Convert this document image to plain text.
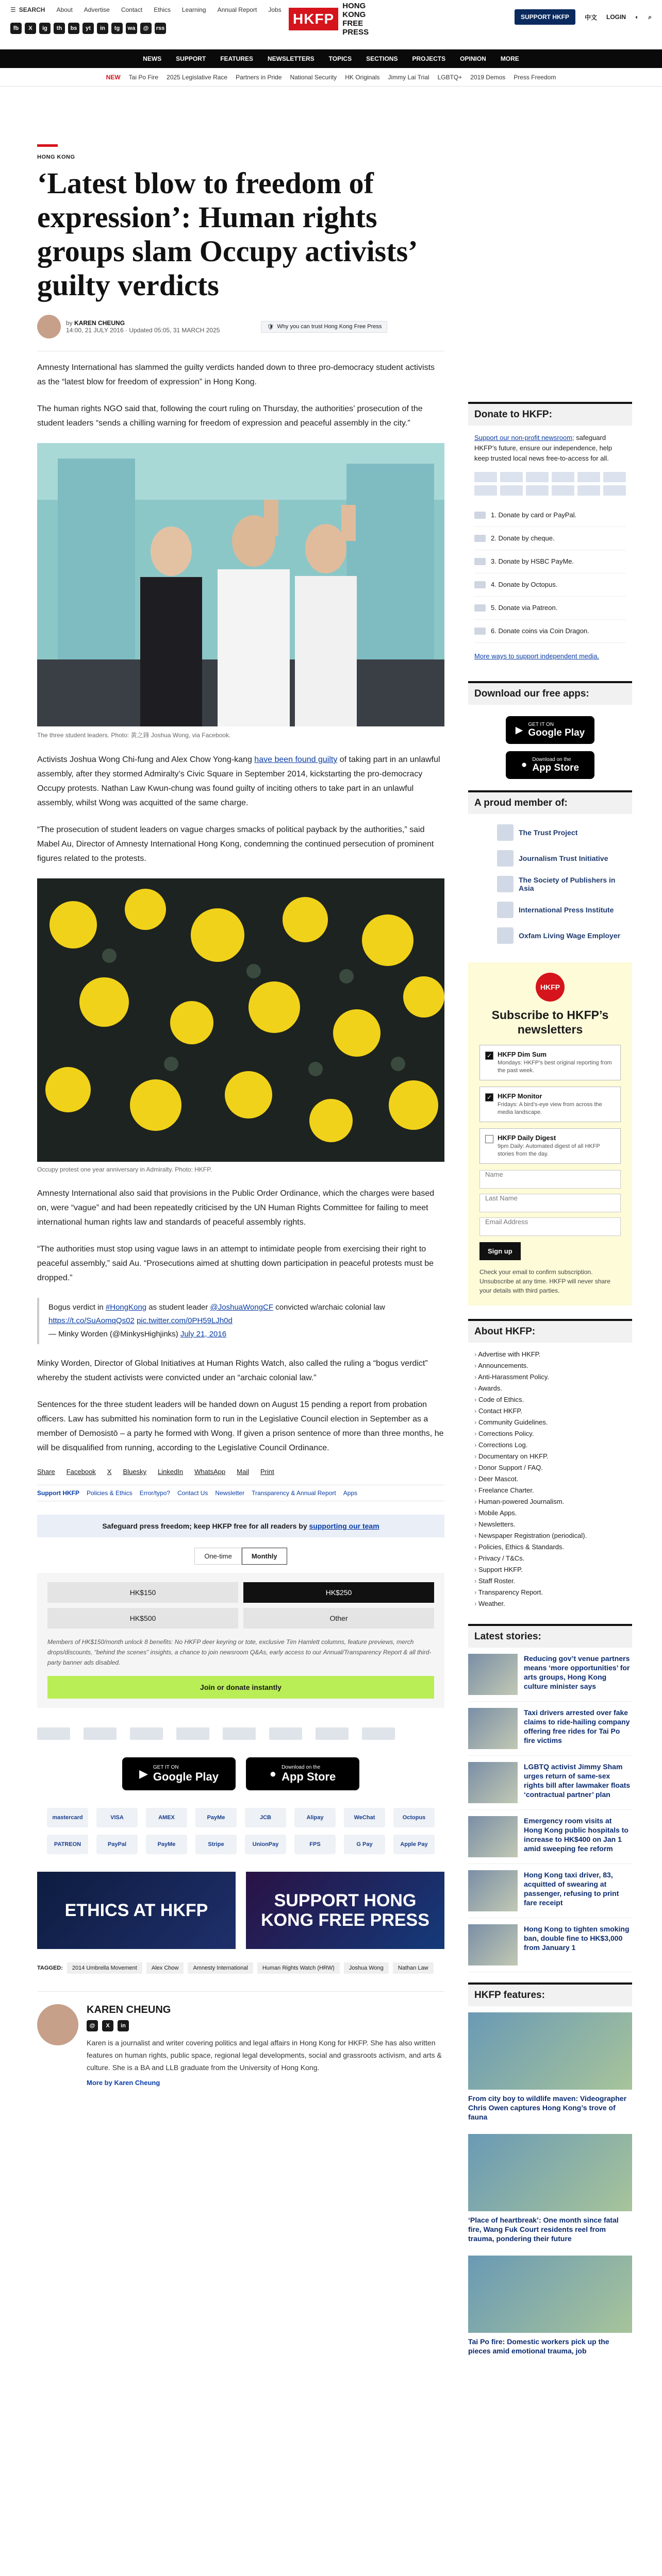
☰ SEARCH About Advertise Contact Ethics Learning Annual Report Jobs
fb	X	ig	th	bs	yt	in	tg	wa	@	rss
HKFP
HONG KONG
FREE PRESS
SUPPORT HKFP	中文 LOGIN ◐ ⌕
NEWS SUPPORT FEATURES NEWSLETTERS TOPICS SECTIONS PROJECTS OPINION MORE
NEW Tai Po Fire 2025 Legislative Race Partners in Pride National Security HK Originals Jimmy Lai Trial LGBTQ+ 2019 Demos Press Freedom
HONG KONG
‘Latest blow to freedom of expression’: Human rights groups slam Occupy activists’ guilty verdicts
by KAREN CHEUNG
14:00, 21 JULY 2016 · Updated 05:05, 31 MARCH 2025	🛡 Why you can trust Hong Kong Free Press

Amnesty International has slammed the guilty verdicts handed down to three pro-democracy student activists as the “latest blow for freedom of expression” in Hong Kong.

The human rights NGO said that, following the court ruling on Thursday, the authorities’ prosecution of the student leaders “sends a chilling warning for freedom of expression and peaceful assembly in the city.”

The three student leaders. Photo: 黃之鋒 Joshua Wong, via Facebook.

Activists Joshua Wong Chi-fung and Alex Chow Yong-kang have been found guilty of taking part in an unlawful assembly, after they stormed Admiralty’s Civic Square in September 2014, kickstarting the pro-democracy Occupy protests. Nathan Law Kwun-chung was found guilty of inciting others to take part in an unlawful assembly, whilst Wong was acquitted of the same charge.

“The prosecution of student leaders on vague charges smacks of political payback by the authorities,” said Mabel Au, Director of Amnesty International Hong Kong, condemning the continued persecution of prominent figures related to the protests.

Occupy protest one year anniversary in Admiralty. Photo: HKFP.

Amnesty International also said that provisions in the Public Order Ordinance, which the charges were based on, were “vague” and had been repeatedly criticised by the UN Human Rights Committee for failing to meet international human rights law and standards of peaceful assembly rights.

“The authorities must stop using vague laws in an attempt to intimidate people from exercising their right to peaceful assembly,” said Au. “Prosecutions aimed at shutting down participation in peaceful protests must be dropped.”

Bogus verdict in #HongKong as student leader @JoshuaWongCF convicted w/archaic colonial law https://t.co/SuAomqQs02 pic.twitter.com/0PH59LJh0d
— Minky Worden (@MinkysHighjinks) July 21, 2016

Minky Worden, Director of Global Initiatives at Human Rights Watch, also called the ruling a “bogus verdict” whereby the student activists were convicted under an “archaic colonial law.”

Sentences for the three student leaders will be handed down on August 15 pending a report from probation officers. Law has submitted his nomination form to run in the Legislative Council election in September as a member of Demosistō – a party he formed with Wong. If given a prison sentence of more than three months, he will be disqualified from running, according to the Legislative Council Ordinance.

Share Facebook X Bluesky LinkedIn WhatsApp Mail Print
Support HKFP Policies & Ethics Error/typo? Contact Us Newsletter Transparency & Annual Report Apps
Safeguard press freedom; keep HKFP free for all readers by supporting our team
One-time	Monthly
HK$150	HK$250
HK$500	Other
Members of HK$150/month unlock 8 benefits: No HKFP deer keyring or tote, exclusive Tim Hamlett columns, feature previews, merch drops/discounts, “behind the scenes” insights, a chance to join newsroom Q&As, early access to our Annual/Transparency Report & all third-party banner ads disabled.
Join or donate instantly
▶ GET IT ON
Google Play	● Download on the
App Store
mastercard	VISA	AMEX	PayMe	JCB	Alipay	WeChat	Octopus
PATREON	PayPal	PayMe	Stripe	UnionPay	FPS	G Pay	Apple Pay
ETHICS AT HKFP	SUPPORT HONG KONG FREE PRESS
TAGGED:	2014 Umbrella Movement	Alex Chow	Amnesty International	Human Rights Watch (HRW)	Joshua Wong	Nathan Law
KAREN CHEUNG
@	X	in
Karen is a journalist and writer covering politics and legal affairs in Hong Kong for HKFP. She has also written features on human rights, public space, regional legal developments, social and grassroots activism, and arts & culture. She is a BA and LLB graduate from the University of Hong Kong.
More by Karen Cheung
Donate to HKFP:
Support our non-profit newsroom; safeguard HKFP’s future, ensure our independence, help keep trusted local news free-to-access for all.
1. Donate by card or PayPal.
2. Donate by cheque.
3. Donate by HSBC PayMe.
4. Donate by Octopus.
5. Donate via Patreon.
6. Donate coins via Coin Dragon.
More ways to support independent media.
Download our free apps:
▶
GET IT ON
Google Play
● Download on the
App Store
A proud member of:
The Trust Project
Journalism Trust Initiative
The Society of Publishers in Asia
International Press Institute
Oxfam Living Wage Employer
HKFP
Subscribe to HKFP’s newsletters
✓ HKFP Dim Sum
Mondays: HKFP’s best original reporting from the past week.
✓ HKFP Monitor
Fridays: A bird’s-eye view from across the media landscape.
HKFP Daily Digest
9pm Daily: Automated digest of all HKFP stories from the day.
Name
Last Name
Email Address
Sign up
Check your email to confirm subscription. Unsubscribe at any time. HKFP will never share your details with third parties.
About HKFP:
› Advertise with HKFP.
› Announcements.
› Anti-Harassment Policy.
› Awards.
› Code of Ethics.
› Contact HKFP.
› Community Guidelines.
› Corrections Policy.
› Corrections Log.
› Documentary on HKFP.
› Donor Support / FAQ.
› Deer Mascot.
› Freelance Charter.
› Human-powered Journalism.
› Mobile Apps.
› Newsletters.
› Newspaper Registration (periodical).
› Policies, Ethics & Standards.
› Privacy / T&Cs.
› Support HKFP.
› Staff Roster.
› Transparency Report.
› Weather.
Latest stories:
Reducing gov’t venue partners means ‘more opportunities’ for arts groups, Hong Kong culture minister says
Taxi drivers arrested over fake claims to ride-hailing company offering free rides for Tai Po fire victims
LGBTQ activist Jimmy Sham urges return of same-sex rights bill after lawmaker floats ‘contractual partner’ plan
Emergency room visits at Hong Kong public hospitals to increase to HK$400 on Jan 1 amid sweeping fee reform
Hong Kong taxi driver, 83, acquitted of swearing at passenger, refusing to print fare receipt
Hong Kong to tighten smoking ban, double fine to HK$3,000 from January 1
HKFP features:
From city boy to wildlife maven: Videographer Chris Owen captures Hong Kong’s trove of fauna
‘Place of heartbreak’: One month since fatal fire, Wang Fuk Court residents reel from trauma, pondering their future
Tai Po fire: Domestic workers pick up the pieces amid emotional trauma, job
